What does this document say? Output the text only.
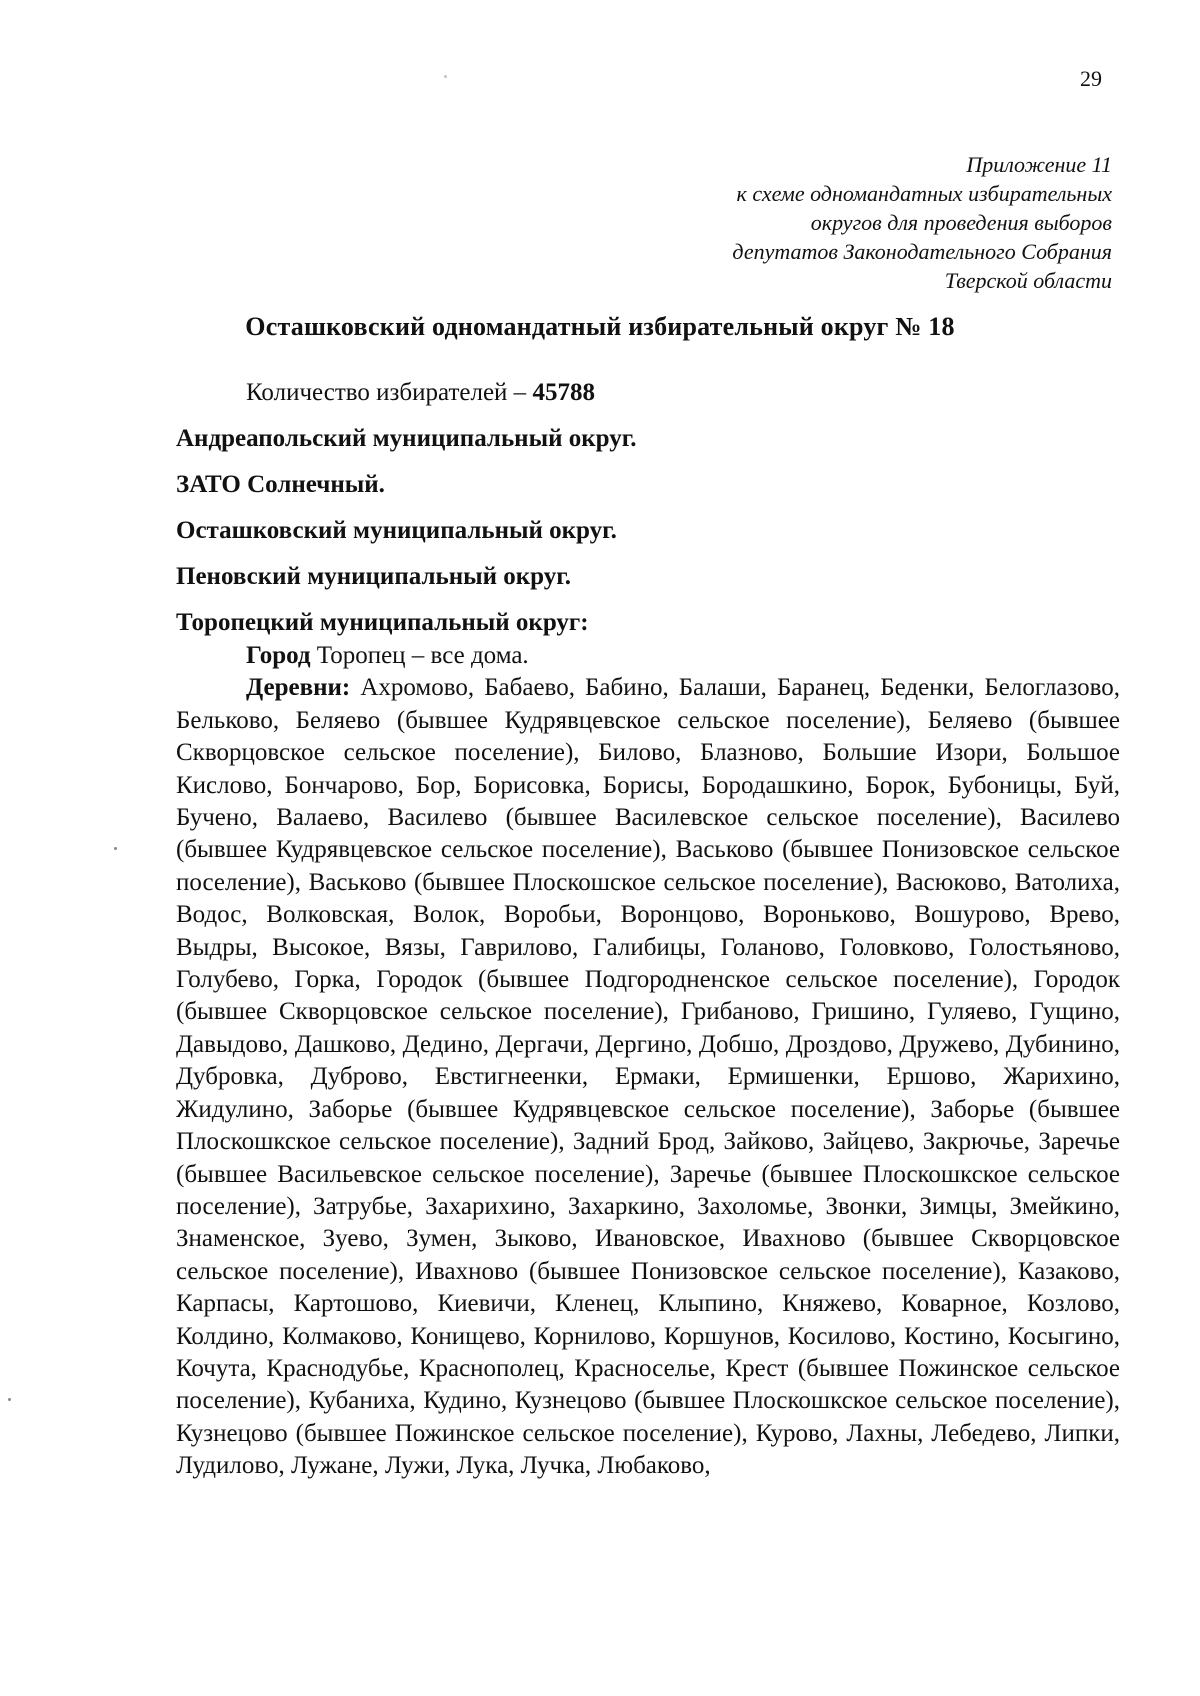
29
Приложение 11
к схеме одномандатных избирательных
округов для проведения выборов
депутатов Законодательного Собрания
Тверской области
Осташковский одномандатный избирательный округ № 18
Количество избирателей – 45788
Андреапольский муниципальный округ.
ЗАТО Солнечный.
Осташковский муниципальный округ.
Пеновский муниципальный округ.
Торопецкий муниципальный округ:

Город Торопец – все дома.

Деревни: Ахромово, Бабаево, Бабино, Балаши, Баранец, Беденки, Белоглазово, Бельково, Беляево (бывшее Кудрявцевское сельское поселение), Беляево (бывшее Скворцовское сельское поселение), Билово, Блазново, Большие Изори, Большое Кислово, Бончарово, Бор, Борисовка, Борисы, Бородашкино, Борок, Бубоницы, Буй, Бучено, Валаево, Василево (бывшее Василевское сельское поселение), Василево (бывшее Кудрявцевское сельское поселение), Васьково (бывшее Понизовское сельское поселение), Васьково (бывшее Плоскошское сельское поселение), Васюково, Ватолиха, Водос, Волковская, Волок, Воробьи, Воронцово, Вороньково, Вошурово, Врево, Выдры, Высокое, Вязы, Гаврилово, Галибицы, Голаново, Головково, Голостьяново, Голубево, Горка, Городок (бывшее Подгородненское сельское поселение), Городок (бывшее Скворцовское сельское поселение), Грибаново, Гришино, Гуляево, Гущино, Давыдово, Дашково, Дедино, Дергачи, Дергино, Добшо, Дроздово, Дружево, Дубинино, Дубровка, Дуброво, Евстигнеенки, Ермаки, Ермишенки, Ершово, Жарихино, Жидулино, Заборье (бывшее Кудрявцевское сельское поселение), Заборье (бывшее Плоскошкское сельское поселение), Задний Брод, Зайково, Зайцево, Закрючье, Заречье (бывшее Васильевское сельское поселение), Заречье (бывшее Плоскошкское сельское поселение), Затрубье, Захарихино, Захаркино, Захоломье, Звонки, Зимцы, Змейкино, Знаменское, Зуево, Зумен, Зыково, Ивановское, Ивахново (бывшее Скворцовское сельское поселение), Ивахново (бывшее Понизовское сельское поселение), Казаково, Карпасы, Картошово, Киевичи, Кленец, Клыпино, Княжево, Коварное, Козлово, Колдино, Колмаково, Конищево, Корнилово, Коршунов, Косилово, Костино, Косыгино, Кочута, Краснодубье, Краснополец, Красноселье, Крест (бывшее Пожинское сельское поселение), Кубаниха, Кудино, Кузнецово (бывшее Плоскошкское сельское поселение), Кузнецово (бывшее Пожинское сельское поселение), Курово, Лахны, Лебедево, Липки, Лудилово, Лужане, Лужи, Лука, Лучка, Любаково,
